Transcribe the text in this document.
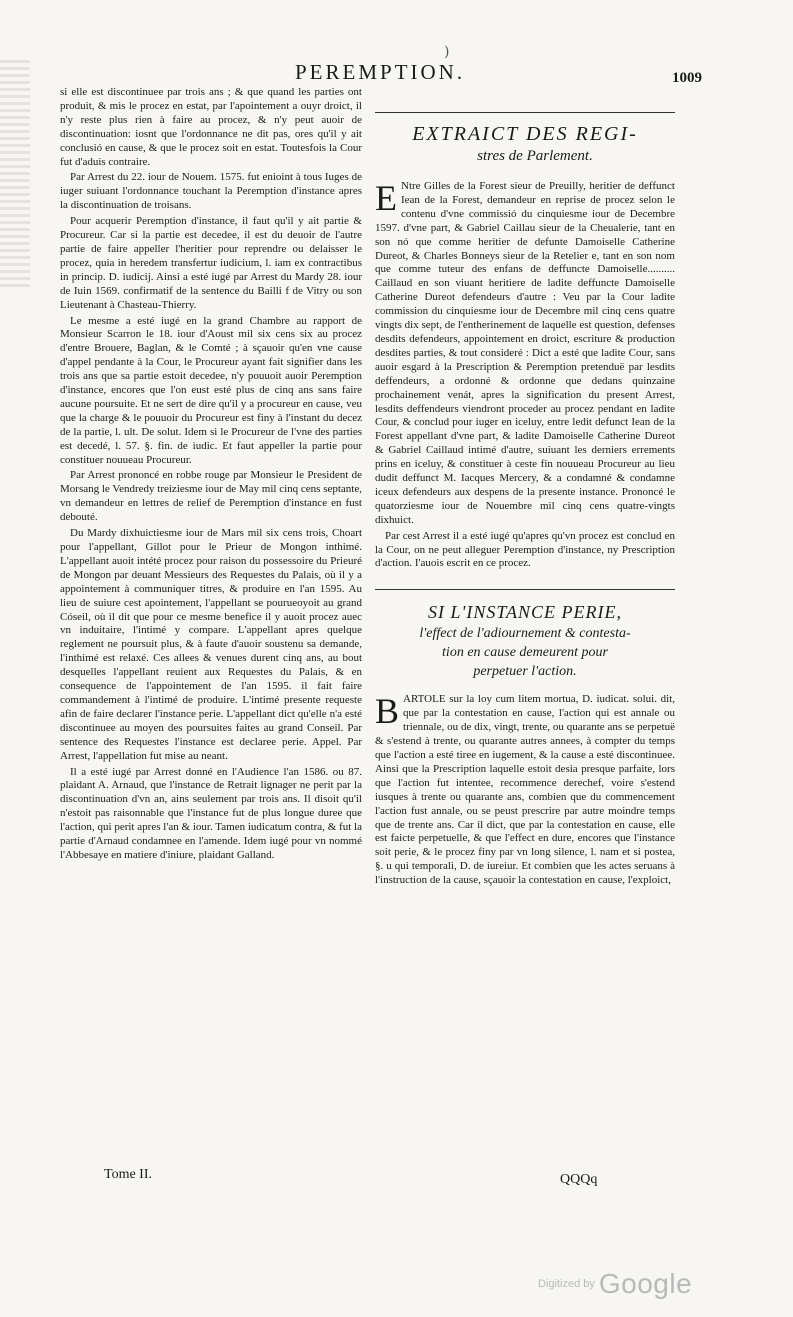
)
PEREMPTION.	1009

si elle est discontinuee par trois ans ; & que quand les parties ont produit, & mis le procez en estat, par l'apointement a ouyr droict, il n'y reste plus rien à faire au procez, & n'y peut auoir de discontinuation: iosnt que l'ordonnance ne dit pas, ores qu'il y ait conclusió en cause, & que le procez soit en estat. Toutesfois la Cour fut d'aduis contraire.

Par Arrest du 22. iour de Nouem. 1575. fut enioint à tous Iuges de iuger suiuant l'ordonnance touchant la Peremption d'instance apres la discontinuation de troisans.

Pour acquerir Peremption d'instance, il faut qu'il y ait partie & Procureur. Car si la partie est decedee, il est du deuoir de l'autre partie de faire appeller l'heritier pour reprendre ou delaisser le procez, quia in heredem transfertur iudicium, l. iam ex contractibus in princip. D. iudicij. Ainsi a esté iugé par Arrest du Mardy 28. iour de Iuin 1569. confirmatif de la sentence du Bailli f de Vitry ou son Lieutenant à Chasteau-Thierry.

Le mesme a esté iugé en la grand Chambre au rapport de Monsieur Scarron le 18. iour d'Aoust mil six cens six au procez d'entre Brouere, Baglan, & le Comté ; à sçauoir qu'en vne cause d'appel pendante à la Cour, le Procureur ayant fait signifier dans les trois ans que sa partie estoit decedee, n'y pouuoit auoir Peremption d'instance, encores que l'on eust esté plus de cinq ans sans faire aucune poursuite. Et ne sert de dire qu'il y a procureur en cause, veu que la charge & le pouuoir du Procureur est finy à l'instant du decez de la partie, l. ult. De solut. Idem si le Procureur de l'vne des parties est decedé, l. 57. §. fin. de iudic. Et faut appeller la partie pour constituer nouueau Procureur.

Par Arrest prononcé en robbe rouge par Monsieur le President de Morsang le Vendredy treiziesme iour de May mil cinq cens septante, vn demandeur en lettres de relief de Peremption d'instance en fust debouté.

Du Mardy dixhuictiesme iour de Mars mil six cens trois, Choart pour l'appellant, Gillot pour le Prieur de Mongon inthimé. L'appellant auoit intété procez pour raison du possessoire du Prieuré de Mongon par deuant Messieurs des Requestes du Palais, où il y a appointement à communiquer titres, & produire en l'an 1595. Au lieu de suiure cest apointement, l'appellant se pourueoyoit au grand Cóseil, où il dit que pour ce mesme benefice il y auoit procez auec vn induitaire, l'intimé y compare. L'appellant apres quelque reglement ne poursuit plus, & à faute d'auoir soustenu sa demande, l'inthimé est relaxé. Ces allees & venues durent cinq ans, au bout desquelles l'appellant reuient aux Requestes du Palais, & en consequence de l'appointement de l'an 1595. il fait faire commandement à l'intimé de produire. L'intimé presente requeste afin de faire declarer l'instance perie. L'appellant dict qu'elle n'a esté discontinuee au moyen des poursuites faites au grand Conseil. Par sentence des Requestes l'instance est declaree perie. Appel. Par Arrest, l'appellation fut mise au neant.

Il a esté iugé par Arrest donné en l'Audience l'an 1586. ou 87. plaidant A. Arnaud, que l'instance de Retrait lignager ne perit par la discontinuation d'vn an, ains seulement par trois ans. Il disoit qu'il n'estoit pas raisonnable que l'instance fut de plus longue duree que l'action, qui perit apres l'an & iour. Tamen iudicatum contra, & fut la partie d'Arnaud condamnee en l'amende. Idem iugé pour vn nommé l'Abbesaye en matiere d'iniure, plaidant Galland.

EXTRAICT DES REGI-
stres de Parlement.

E Ntre Gilles de la Forest sieur de Preuilly, heritier de deffunct Iean de la Forest, demandeur en reprise de procez selon le contenu d'vne commissió du cinquiesme iour de Decembre 1597. d'vne part, & Gabriel Caillau sieur de la Cheualerie, tant en son nó que comme heritier de defunte Damoiselle Catherine Dureot, & Charles Bonneys sieur de la Retelier e, tant en son nom que comme tuteur des enfans de deffuncte Damoiselle.......... Caillaud en son viuant heritiere de ladite deffuncte Damoiselle Catherine Dureot defendeurs d'autre : Veu par la Cour ladite commission du cinquiesme iour de Decembre mil cinq cens quatre vingts dix sept, de l'entherinement de laquelle est question, defenses desdits defendeurs, appointement en droict, escriture & production desdites parties, & tout consideré : Dict a esté que ladite Cour, sans auoir esgard à la Prescription & Peremption pretenduë par lesdits deffendeurs, a ordonné & ordonne que dedans quinzaine prochainement venát, apres la signification du present Arrest, lesdits deffendeurs viendront proceder au procez pendant en ladite Cour, & conclud pour iuger en iceluy, entre ledit defunct Iean de la Forest appellant d'vne part, & ladite Damoiselle Catherine Dureot & Gabriel Caillaud intimé d'autre, suiuant les derniers errements prins en iceluy, & constituer à ceste fin nouueau Procureur au lieu dudit deffunct M. Iacques Mercery, & a condamné & condamne iceux defendeurs aux despens de la presente instance. Prononcé le quatorziesme iour de Nouembre mil cinq cens quatre-vingts dixhuict.

Par cest Arrest il a esté iugé qu'apres qu'vn procez est conclud en la Cour, on ne peut alleguer Peremption d'instance, ny Prescription d'action. I'auois escrit en ce procez.

SI L'INSTANCE PERIE,
l'effect de l'adiournement & contesta-
tion en cause demeurent pour
perpetuer l'action.

BARTOLE sur la loy cum litem mortua, D. iudicat. solui. dit, que par la contestation en cause, l'action qui est annale ou triennale, ou de dix, vingt, trente, ou quarante ans se perpetuë & s'estend à trente, ou quarante autres annees, à compter du temps que l'action a esté tiree en iugement, & la cause a esté discontinuee. Ainsi que la Prescription laquelle estoit desia presque parfaite, lors que l'action fut intentee, recommence derechef, voire s'estend iusques à trente ou quarante ans, combien que du commencement l'action fust annale, ou se peust prescrire par autre moindre temps que de trente ans. Car il dict, que par la contestation en cause, elle est faicte perpetuelle, & que l'effect en dure, encores que l'instance soit perie, & le procez finy par vn long silence, l. nam et si postea, §. u qui temporali, D. de iureiur. Et combien que les actes seruans à l'instruction de la cause, sçauoir la contestation en cause, l'exploict,

Tome II.	QQQq
Digitized by Google
